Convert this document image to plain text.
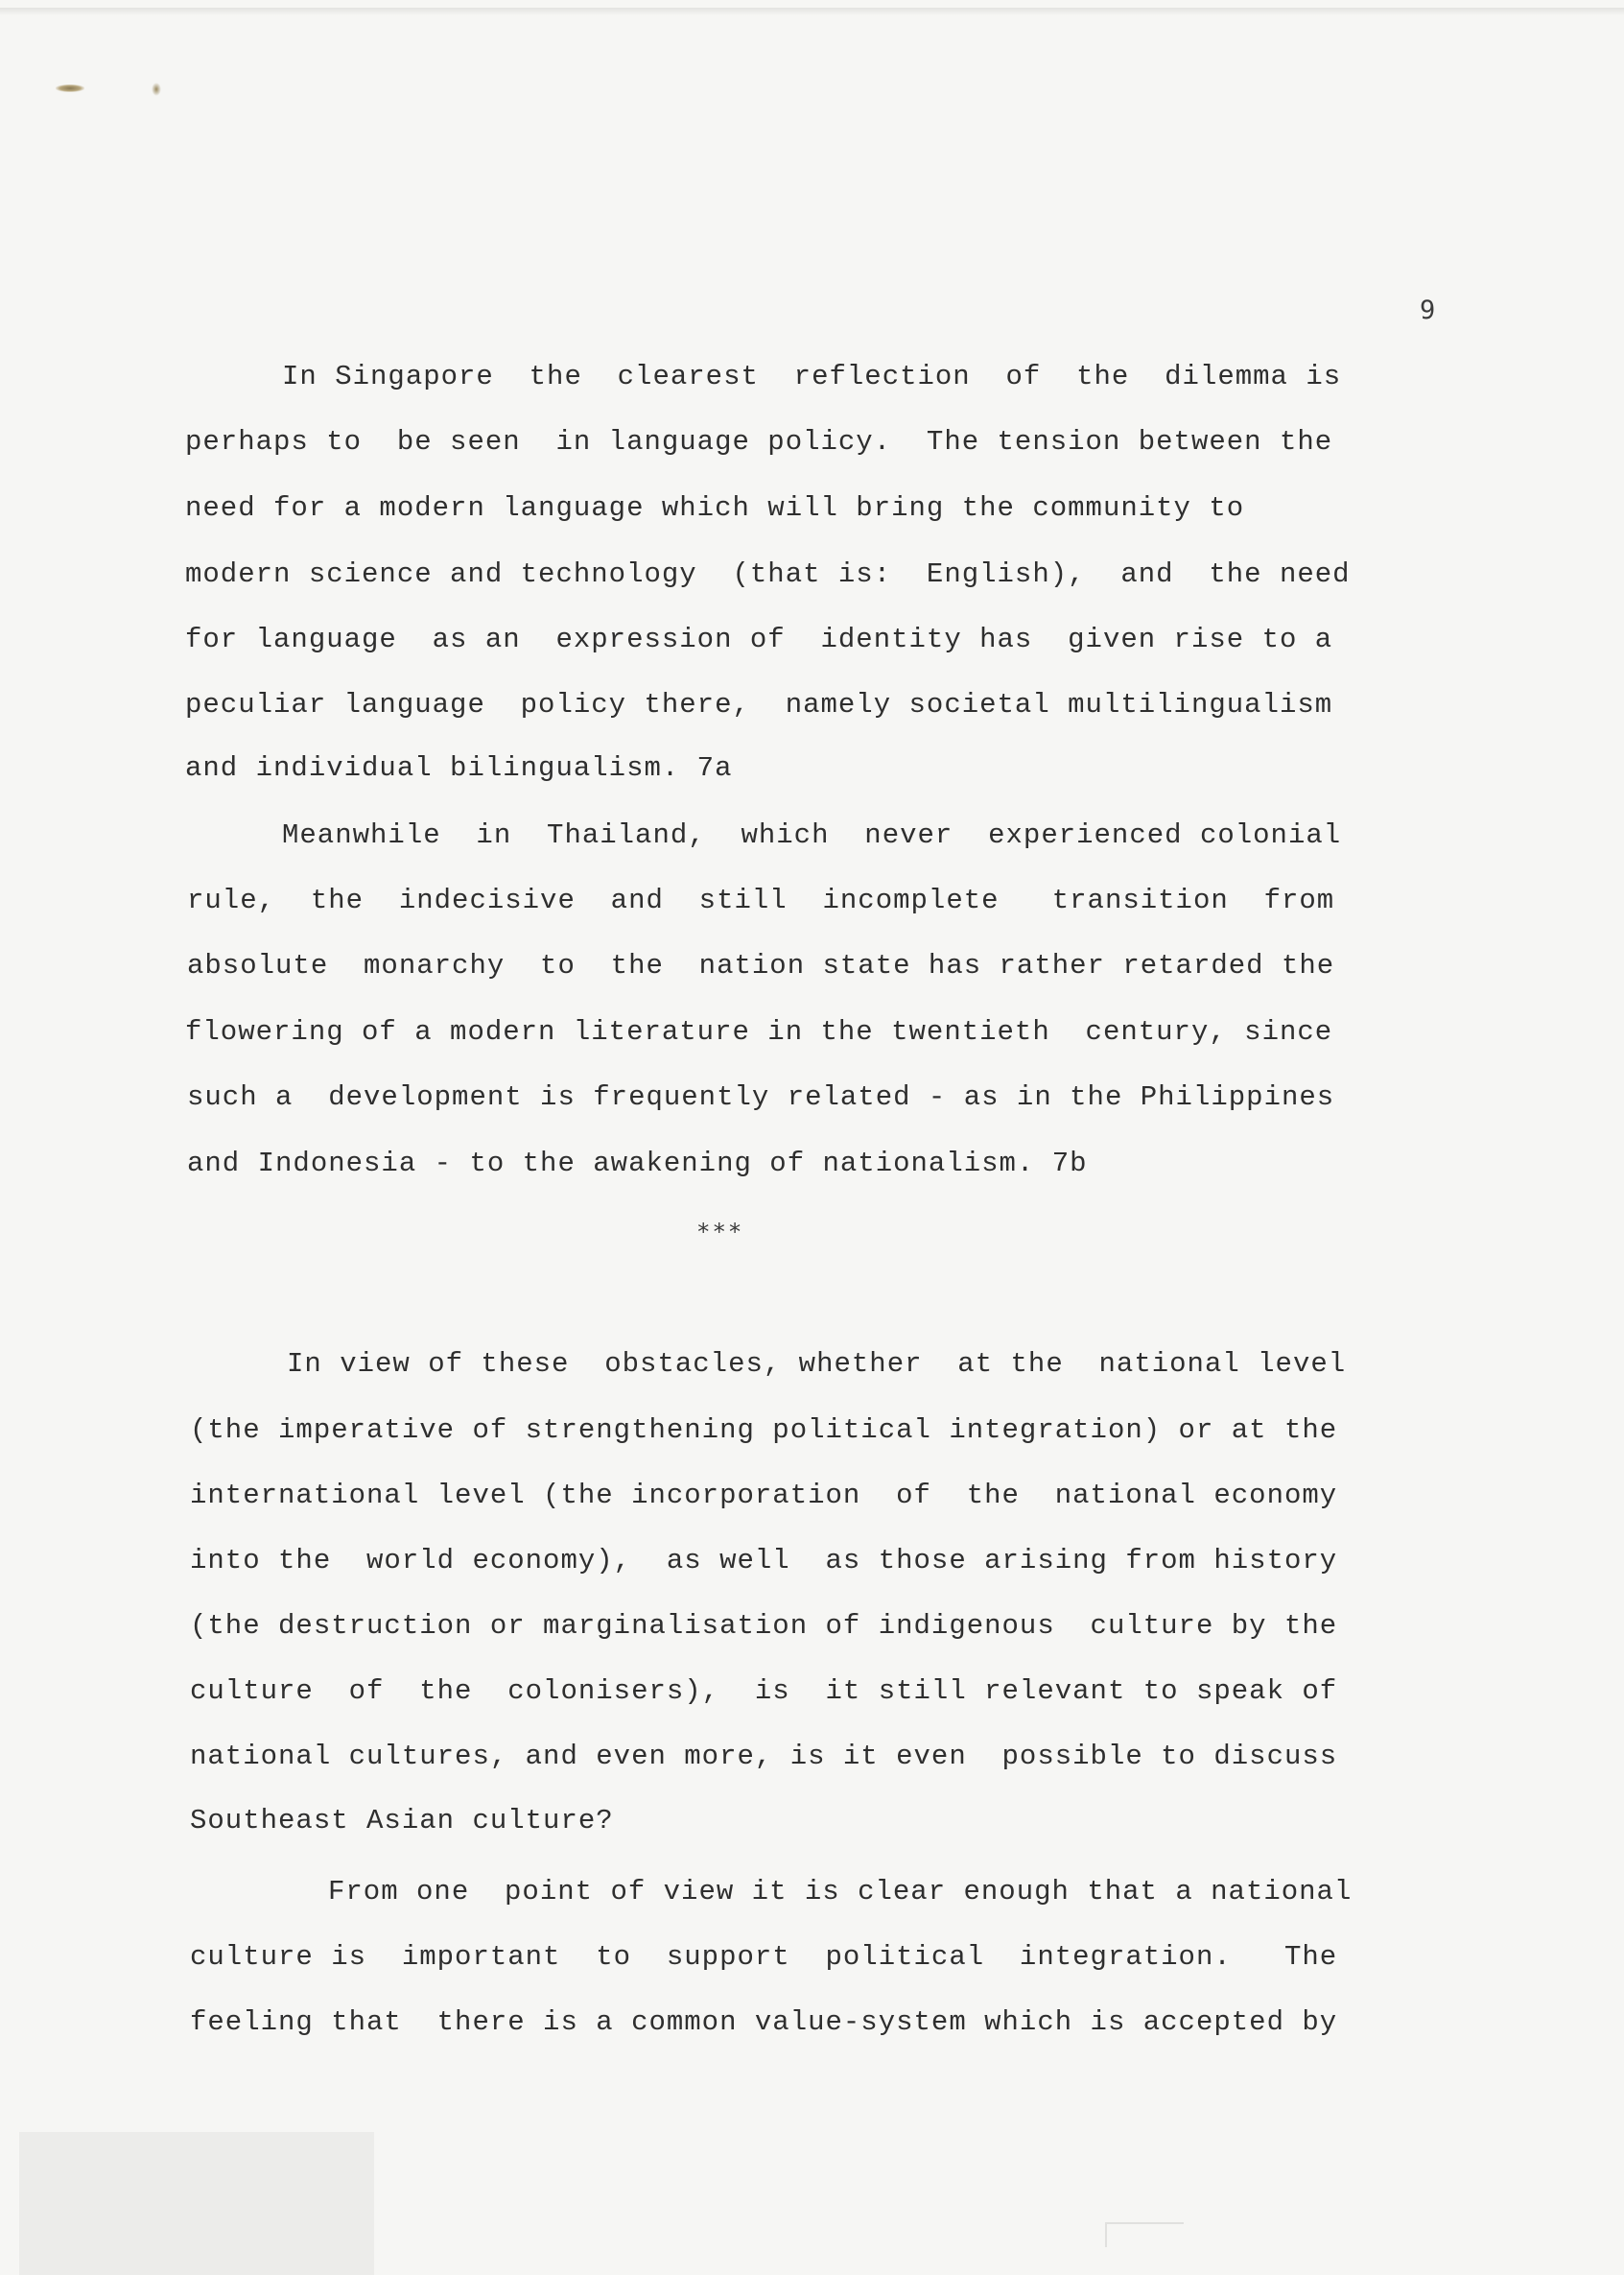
9
In Singapore  the  clearest  reflection  of  the  dilemma is
perhaps to  be seen  in language policy.  The tension between the
need for a modern language which will bring the community to
modern science and technology  (that is:  English),  and  the need
for language  as an  expression of  identity has  given rise to a
peculiar language  policy there,  namely societal multilingualism
and individual bilingualism. 7a
Meanwhile  in  Thailand,  which  never  experienced colonial
rule,  the  indecisive  and  still  incomplete   transition  from
absolute  monarchy  to  the  nation state has rather retarded the
flowering of a modern literature in the twentieth  century, since
such a  development is frequently related - as in the Philippines
and Indonesia - to the awakening of nationalism. 7b
***
In view of these  obstacles, whether  at the  national level
(the imperative of strengthening political integration) or at the
international level (the incorporation  of  the  national economy
into the  world economy),  as well  as those arising from history
(the destruction or marginalisation of indigenous  culture by the
culture  of  the  colonisers),  is  it still relevant to speak of
national cultures, and even more, is it even  possible to discuss
Southeast Asian culture?
From one  point of view it is clear enough that a national
culture is  important  to  support  political  integration.   The
feeling that  there is a common value-system which is accepted by
